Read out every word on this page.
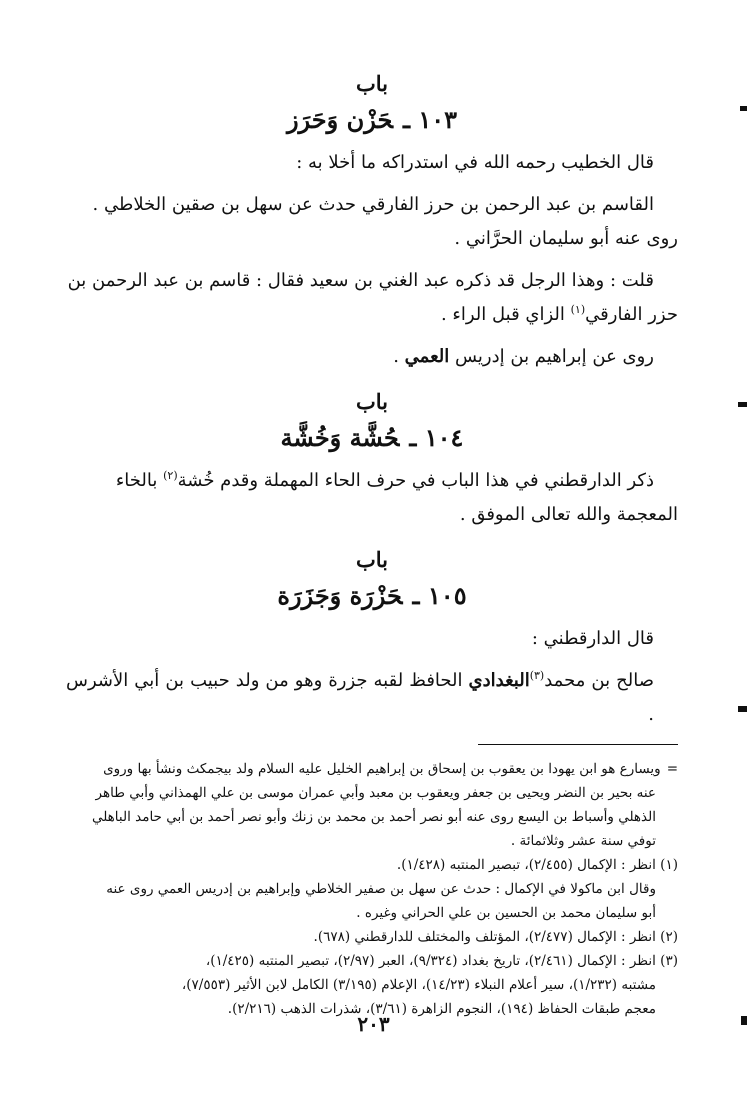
باب

١٠٣ ـحَزْن وَحَرَز

قال الخطيب رحمه الله في استدراكه ما أخلا به :

القاسم بن عبد الرحمن بن حرز الفارقي حدث عن سهل بن صقين الخلاطي .

روى عنه أبو سليمان الحرَّاني .

قلت : وهذا الرجل قد ذكره عبد الغني بن سعيد فقال : قاسم بن عبد الرحمن بن

حزر الفارقي$^{(١)}$ الزاي قبل الراء .

روى عن إبراهيم بن إدريس العمي .

باب

١٠٤ ـحُشَّة وَخُشَّة

ذكر الدارقطني في هذا الباب في حرف الحاء المهملة وقدم خُشة$^{(٢)}$ بالخاء

المعجمة والله تعالى الموفق .

باب

١٠٥ ـحَزْرَة وَجَزَرَة

قال الدارقطني :

صالح بن محمد$^{(٣)}$البغدادي الحافظ لقبه جزرة وهو من ولد حبيب بن أبي الأشرس .

=ويسارع هو ابن يهودا بن يعقوب بن إسحاق بن إبراهيم الخليل عليه السلام ولد بيجمكث ونشأ بها وروى

عنه بحير بن النضر ويحيى بن جعفر ويعقوب بن معبد وأبي عمران موسى بن علي الهمذاني وأبي طاهر

الذهلي وأسباط بن اليسع روى عنه أبو نصر أحمد بن محمد بن زنك وأبو نصر أحمد بن أبي حامد الباهلي

توفي سنة عشر وثلاثمائة .

(١) انظر : الإكمال (٢/٤٥٥)، تبصير المنتبه (١/٤٢٨).

وقال ابن ماكولا في الإكمال : حدث عن سهل بن صفير الخلاطي وإبراهيم بن إدريس العمي روى عنه

أبو سليمان محمد بن الحسين بن علي الحراني وغيره .

(٢) انظر : الإكمال (٢/٤٧٧)، المؤتلف والمختلف للدارقطني (٦٧٨).

(٣) انظر : الإكمال (٢/٤٦١)، تاريخ بغداد (٩/٣٢٤)، العبر (٢/٩٧)، تبصير المنتبه (١/٤٢٥)،

مشتبه (١/٢٣٢)، سير أعلام النبلاء (١٤/٢٣)، الإعلام (٣/١٩٥) الكامل لابن الأثير (٧/٥٥٣)،

معجم طبقات الحفاظ (١٩٤)، النجوم الزاهرة (٣/٦١)، شذرات الذهب (٢/٢١٦).

٢٠٣
